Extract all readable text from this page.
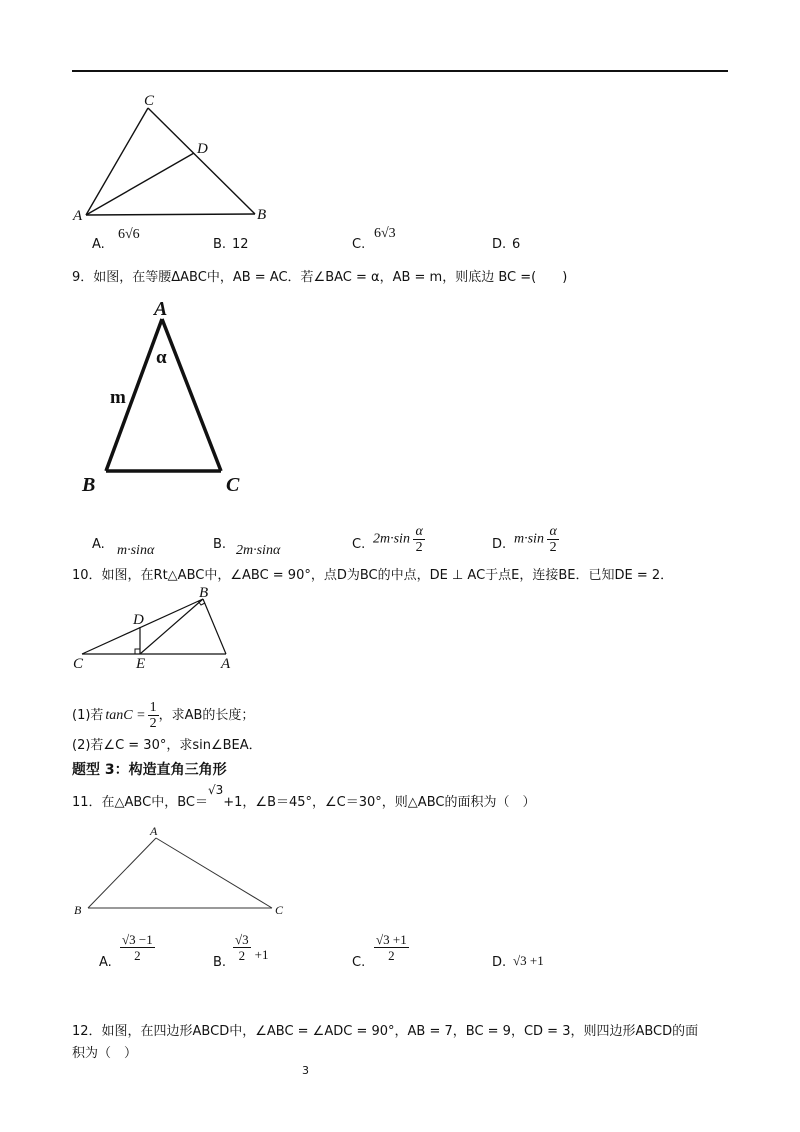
C
D
A	B
A.
6√6
B. 12	C.
6√3
D. 6
9．如图，在等腰ΔABC中，AB = AC．若∠BAC = α，AB = m，则底边 BC =(　　)
A
α
m
B	C
A. m·sinα	B. 2m·sinα	C. $2m\cdot\sin \frac{\alpha}{2}$	D. $m\cdot\sin \frac{\alpha}{2}$
10．如图，在Rt△ABC中，∠ABC = 90°，点D为BC的中点，DE ⊥ AC于点E，连接BE．已知DE = 2．
B
D
C	E	A
(1)若 $\tan C = \frac{1}{2}$ ，求AB的长度；
(2)若∠C = 30°，求sin∠BEA．
题型 3：构造直角三角形
11．在△ABC中，BC＝√3+1，∠B＝45°，∠C＝30°，则△ABC的面积为（　）
A
B	C
A. $\frac{√3 -1}{2}$	B. $\frac{√3}{2} +1$
C. $\frac{√3 +1}{2}$	D. √3 +1
12．如图，在四边形ABCD中，∠ABC = ∠ADC = 90°，AB = 7，BC = 9，CD = 3，则四边形ABCD的面
积为（　）
3
